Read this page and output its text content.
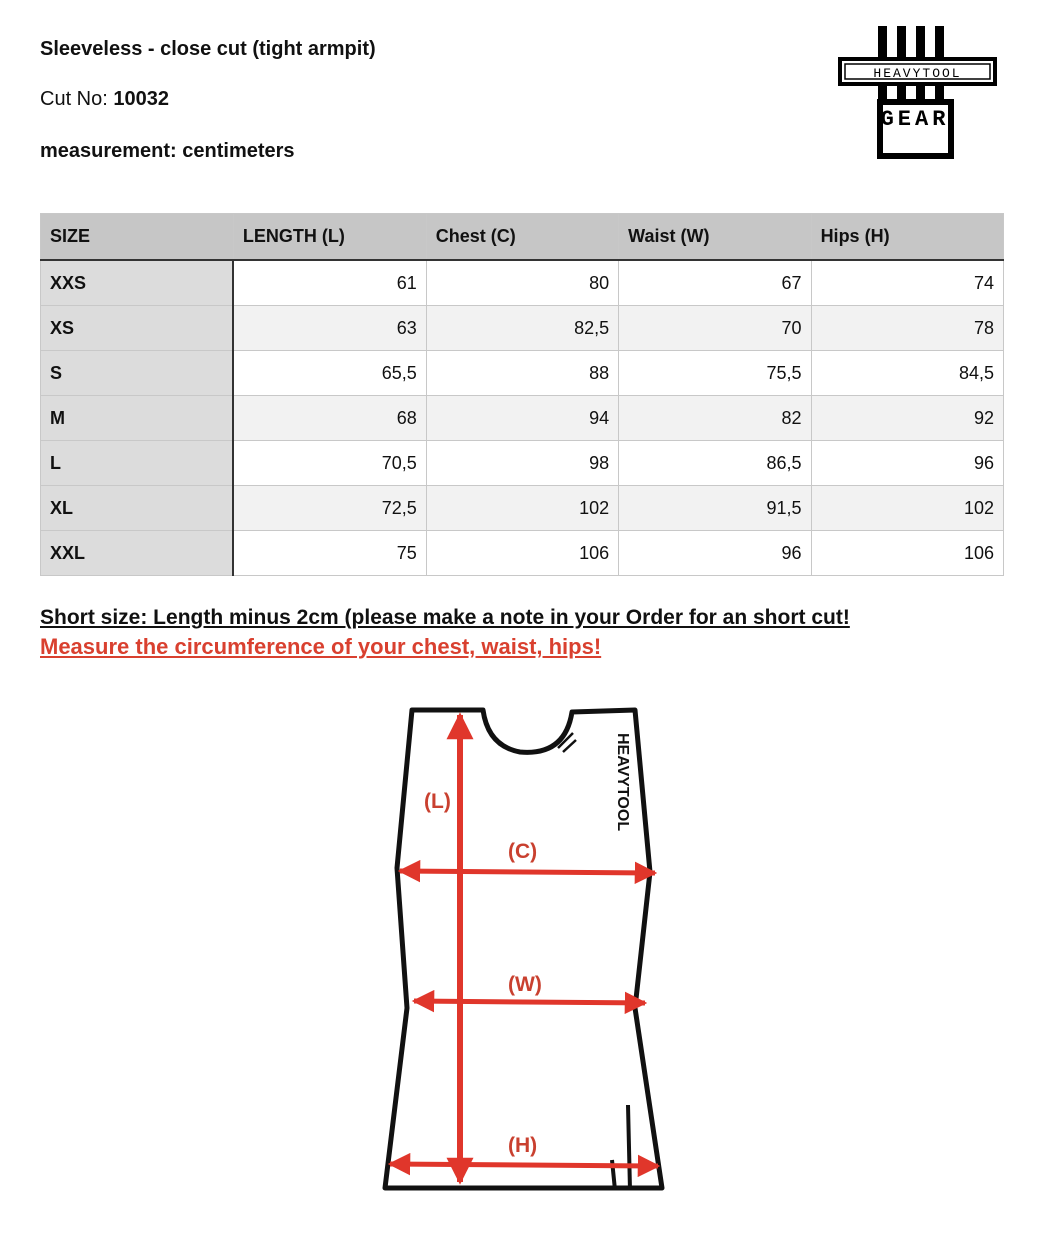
Sleeveless - close cut (tight armpit)
Cut No: 10032
measurement: centimeters
HEAVYTOOL
GEAR
SIZE	LENGTH (L)	Chest (C)	Waist (W)	Hips (H)
XXS	61	80	67	74
XS	63	82,5	70	78
S	65,5	88	75,5	84,5
M	68	94	82	92
L	70,5	98	86,5	96
XL	72,5	102	91,5	102
XXL	75	106	96	106
Short size: Length minus 2cm (please make a note in your Order for an short cut!
Measure the circumference of your chest, waist, hips!
(L)
(C)
(W)
(H)
HEAVYTOOL
